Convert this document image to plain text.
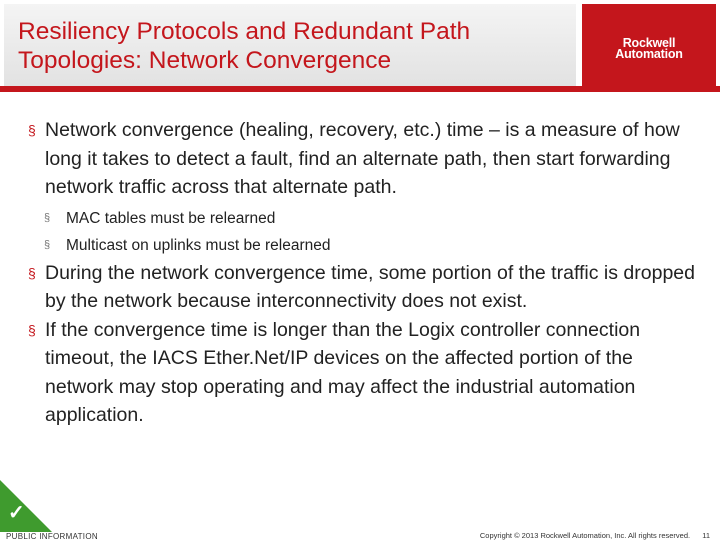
Resiliency Protocols and Redundant Path Topologies: Network Convergence
Rockwell
Automation
§ Network convergence (healing, recovery, etc.) time – is a measure of how long it takes to detect a fault, find an alternate path, then start forwarding network traffic across that alternate path.
§ MAC tables must be relearned
§ Multicast on uplinks must be relearned
§ During the network convergence time, some portion of the traffic is dropped by the network because interconnectivity does not exist.
§ If the convergence time is longer than the Logix controller connection timeout, the IACS Ether.Net/IP devices on the affected portion of the network may stop operating and may affect the industrial automation application.
✓
PUBLIC INFORMATION	Copyright © 2013 Rockwell Automation, Inc. All rights reserved. 11
